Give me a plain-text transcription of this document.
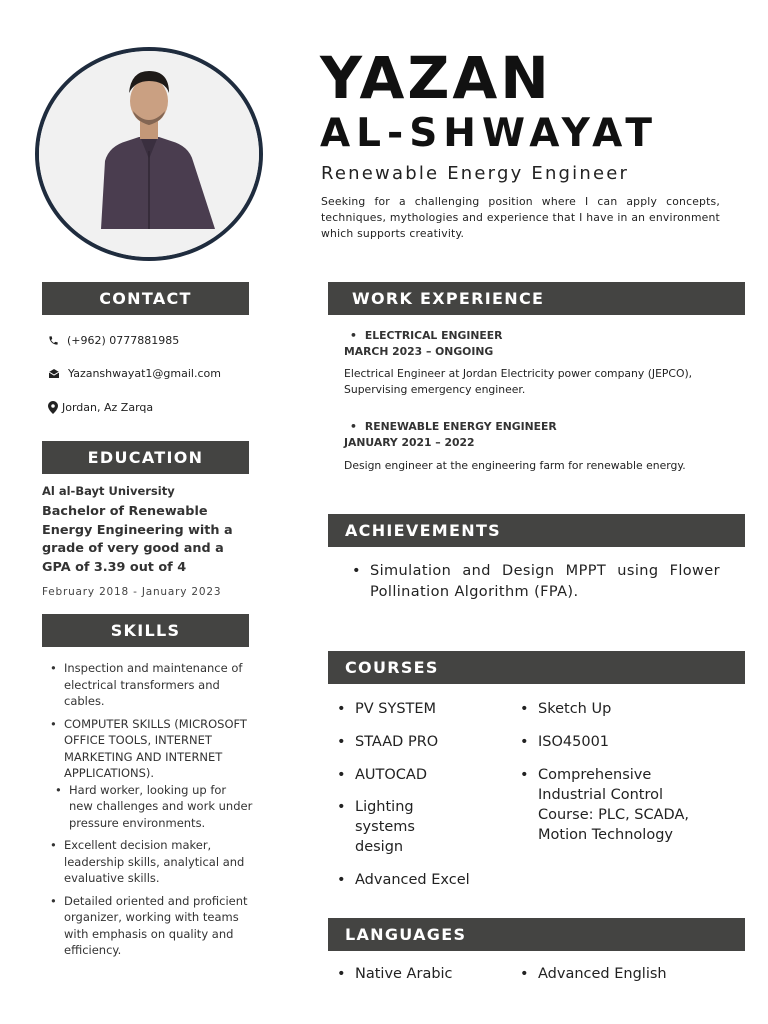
YAZAN
AL-SHWAYAT
Renewable Energy Engineer
Seeking for a challenging position where I can apply concepts, techniques, mythologies and experience that I have in an environment which supports creativity.
CONTACT
(+962) 0777881985
Yazanshwayat1@gmail.com
Jordan, Az Zarqa
EDUCATION
Al al-Bayt University
Bachelor of Renewable Energy Engineering with a grade of very good and a GPA of 3.39 out of 4
February 2018 - January 2023
SKILLS
• Inspection and maintenance of electrical transformers and cables.
• COMPUTER SKILLS (MICROSOFT OFFICE TOOLS, INTERNET MARKETING AND INTERNET APPLICATIONS).
• Hard worker, looking up for new challenges and work under pressure environments.
• Excellent decision maker, leadership skills, analytical and evaluative skills.
• Detailed oriented and proficient organizer, working with teams with emphasis on quality and efficiency.
WORK EXPERIENCE
• ELECTRICAL ENGINEER
MARCH 2023 – ONGOING
Electrical Engineer at Jordan Electricity power company (JEPCO), Supervising emergency engineer.
• RENEWABLE ENERGY ENGINEER
JANUARY 2021 – 2022
Design engineer at the engineering farm for renewable energy.
ACHIEVEMENTS
• Simulation and Design MPPT using Flower Pollination Algorithm (FPA).
COURSES
• PV SYSTEM
• STAAD PRO
• AUTOCAD
• Lighting systems design
• Advanced Excel
• Sketch Up
• ISO45001
• Comprehensive Industrial Control Course: PLC, SCADA, Motion Technology
LANGUAGES
• Native Arabic	• Advanced English
